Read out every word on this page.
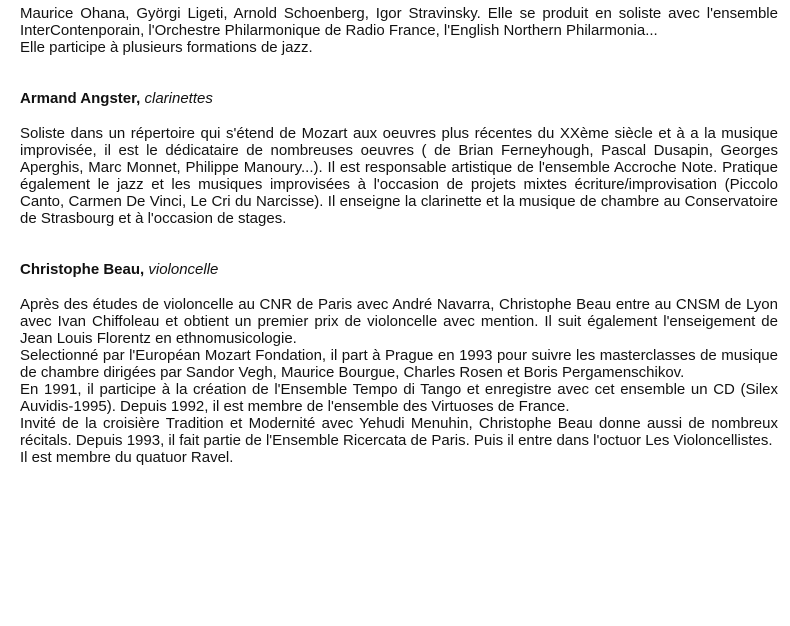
Maurice Ohana, Györgi Ligeti, Arnold Schoenberg, Igor Stravinsky. Elle se produit en soliste avec l'ensemble InterContenporain, l'Orchestre Philarmonique de Radio France, l'English Northern Philarmonia...
Elle participe à plusieurs formations de jazz.

Armand Angster, clarinettes

Soliste dans un répertoire qui s'étend de Mozart aux oeuvres plus récentes du XXème siècle et à a la musique improvisée, il est le dédicataire de nombreuses oeuvres ( de Brian Ferneyhough, Pascal Dusapin, Georges Aperghis, Marc Monnet, Philippe Manoury...). Il est responsable artistique de l'ensemble Accroche Note. Pratique également le jazz et les musiques improvisées à l'occasion de projets mixtes écriture/improvisation (Piccolo Canto, Carmen De Vinci, Le Cri du Narcisse). Il enseigne la clarinette et la musique de chambre au Conservatoire de Strasbourg et à l'occasion de stages.

Christophe Beau, violoncelle

Après des études de violoncelle au CNR de Paris avec André Navarra, Christophe Beau entre au CNSM de Lyon avec Ivan Chiffoleau et obtient un premier prix de violoncelle avec mention. Il suit également l'enseigement de Jean Louis Florentz en ethnomusicologie.
Selectionné par l'Européan Mozart Fondation, il part à Prague en 1993 pour suivre les masterclasses de musique de chambre dirigées par Sandor Vegh, Maurice Bourgue, Charles Rosen et Boris Pergamenschikov.
En 1991, il participe à la création de l'Ensemble Tempo di Tango et enregistre avec cet ensemble un CD (Silex Auvidis-1995). Depuis 1992, il est membre de l'ensemble des Virtuoses de France.
Invité de la croisière Tradition et Modernité avec Yehudi Menuhin, Christophe Beau donne aussi de nombreux récitals. Depuis 1993, il fait partie de l'Ensemble Ricercata de Paris. Puis il entre dans l'octuor Les Violoncellistes.
Il est membre du quatuor Ravel.
